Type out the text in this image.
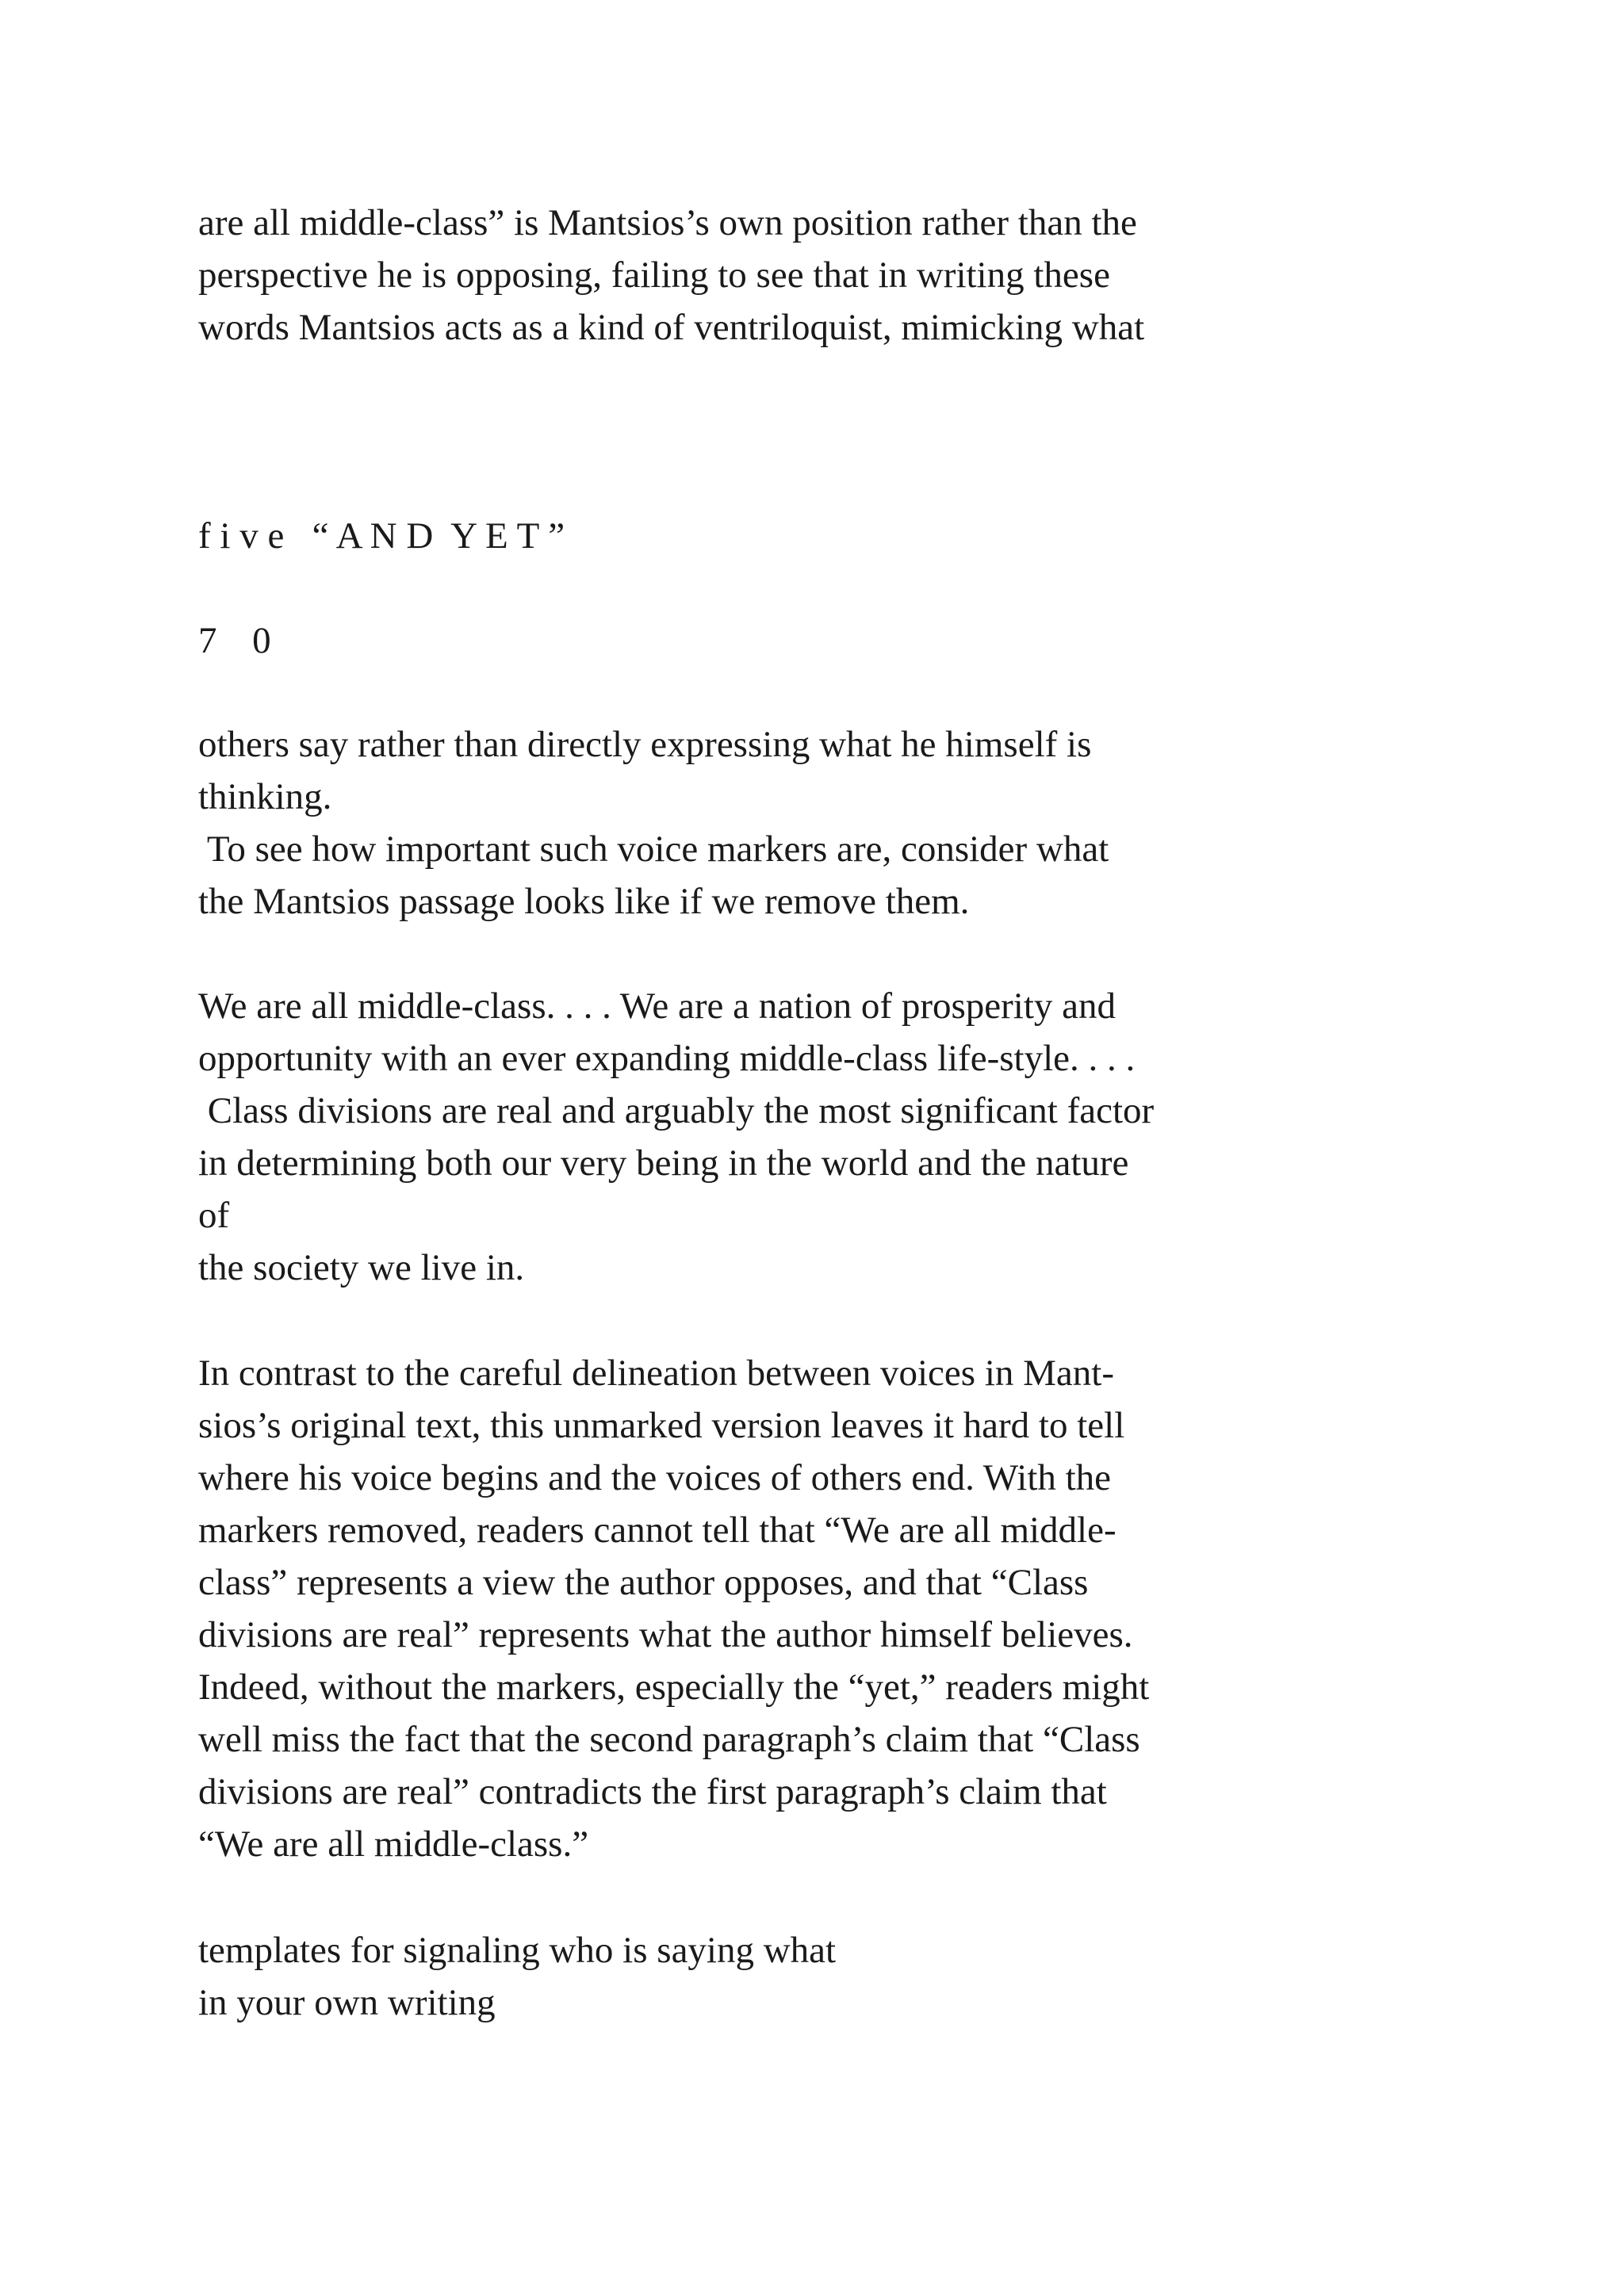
are all middle-class” is Mantsios’s own position rather than the
perspective he is opposing, failing to see that in writing these
words Mantsios acts as a kind of ventriloquist, mimicking what

f i v e   “ A N D  Y E T ”

7 0

others say rather than directly expressing what he himself is
thinking.
To see how important such voice markers are, consider what
the Mantsios passage looks like if we remove them.

We are all middle-class. . . . We are a nation of prosperity and
opportunity with an ever expanding middle-class life-style. . . .
Class divisions are real and arguably the most significant factor
in determining both our very being in the world and the nature
of
the society we live in.

In contrast to the careful delineation between voices in Mant-
sios’s original text, this unmarked version leaves it hard to tell
where his voice begins and the voices of others end. With the
markers removed, readers cannot tell that “We are all middle-
class” represents a view the author opposes, and that “Class
divisions are real” represents what the author himself believes.
Indeed, without the markers, especially the “yet,” readers might
well miss the fact that the second paragraph’s claim that “Class
divisions are real” contradicts the first paragraph’s claim that
“We are all middle-class.”

templates for signaling who is saying what
in your own writing
